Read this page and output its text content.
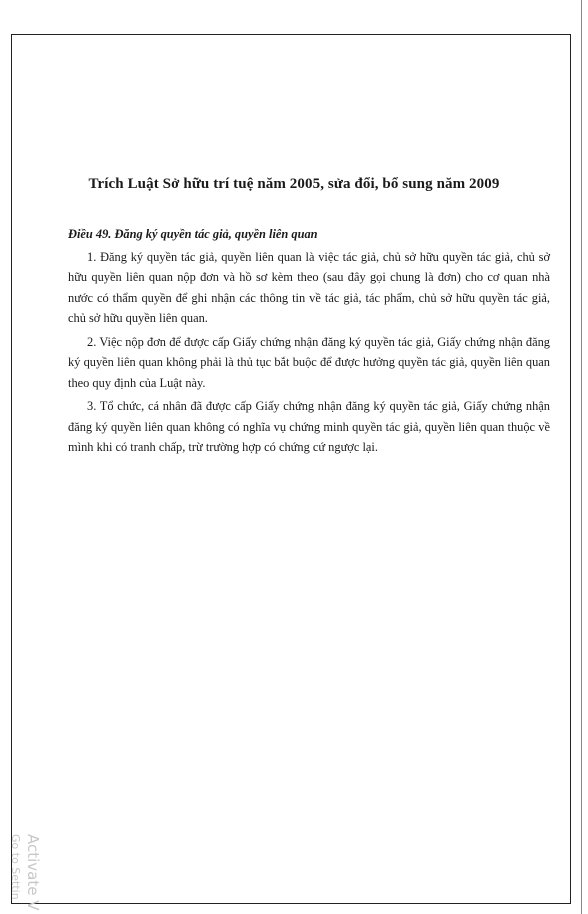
Trích Luật Sở hữu trí tuệ năm 2005, sửa đổi, bổ sung năm 2009

Điều 49. Đăng ký quyền tác giả, quyền liên quan

1. Đăng ký quyền tác giả, quyền liên quan là việc tác giả, chủ sở hữu quyền tác giả, chủ sở hữu quyền liên quan nộp đơn và hồ sơ kèm theo (sau đây gọi chung là đơn) cho cơ quan nhà nước có thẩm quyền để ghi nhận các thông tin về tác giả, tác phẩm, chủ sở hữu quyền tác giả, chủ sở hữu quyền liên quan.

2. Việc nộp đơn để được cấp Giấy chứng nhận đăng ký quyền tác giả, Giấy chứng nhận đăng ký quyền liên quan không phải là thủ tục bắt buộc để được hưởng quyền tác giả, quyền liên quan theo quy định của Luật này.

3. Tổ chức, cá nhân đã được cấp Giấy chứng nhận đăng ký quyền tác giả, Giấy chứng nhận đăng ký quyền liên quan không có nghĩa vụ chứng minh quyền tác giả, quyền liên quan thuộc về mình khi có tranh chấp, trừ trường hợp có chứng cứ ngược lại.

Activate V
Go to Settin
